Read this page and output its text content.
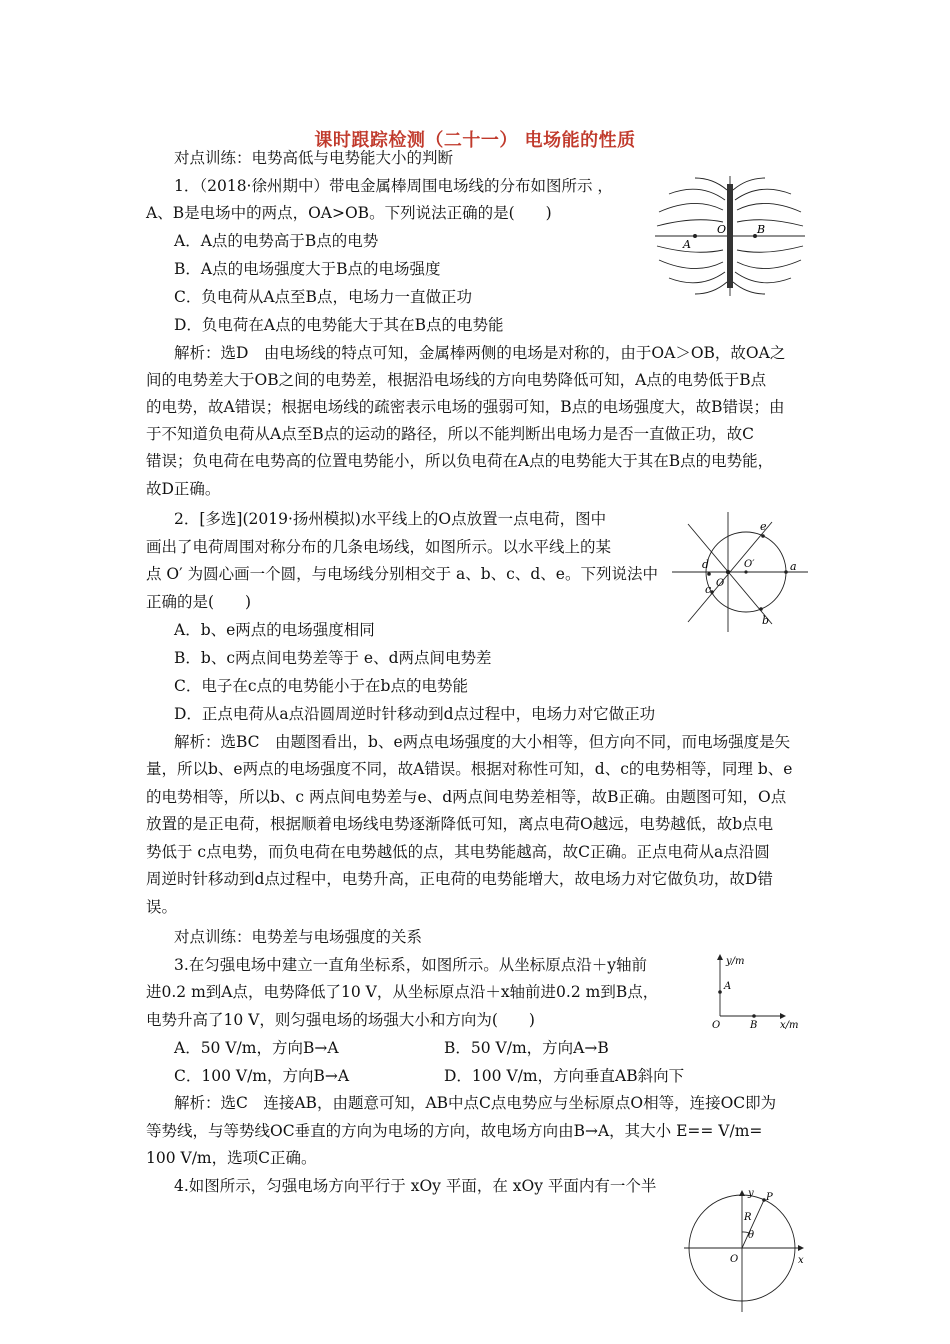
课时跟踪检测（二十一） 电场能的性质
对点训练：电势高低与电势能大小的判断
1．（2018·徐州期中）带电金属棒周围电场线的分布如图所示 ，
A、B是电场中的两点，OA>OB。下列说法正确的是(　　)
A．A点的电势高于B点的电势
B．A点的电场强度大于B点的电场强度
C．负电荷从A点至B点，电场力一直做正功
D．负电荷在A点的电势能大于其在B点的电势能
解析：选D　由电场线的特点可知，金属棒两侧的电场是对称的，由于OA＞OB，故OA之
间的电势差大于OB之间的电势差，根据沿电场线的方向电势降低可知，A点的电势低于B点
的电势，故A错误；根据电场线的疏密表示电场的强弱可知，B点的电场强度大，故B错误；由
于不知道负电荷从A点至B点的运动的路径，所以不能判断出电场力是否一直做正功，故C
错误；负电荷在电势高的位置电势能小，所以负电荷在A点的电势能大于其在B点的电势能，
故D正确。
A
B
O
2．[多选](2019·扬州模拟)水平线上的O点放置一点电荷，图中
画出了电荷周围对称分布的几条电场线，如图所示。以水平线上的某
点 O′ 为圆心画一个圆，与电场线分别相交于 a、b、c、d、e。下列说法中
正确的是(　　)
A．b、e两点的电场强度相同
B．b、c两点间电势差等于 e、d两点间电势差
C．电子在c点的电势能小于在b点的电势能
D．正点电荷从a点沿圆周逆时针移动到d点过程中，电场力对它做正功
解析：选BC　由题图看出，b、e两点电场强度的大小相等，但方向不同，而电场强度是矢
量，所以b、e两点的电场强度不同，故A错误。根据对称性可知，d、c的电势相等，同理 b、e
的电势相等，所以b、c 两点间电势差与e、d两点间电势差相等，故B正确。由题图可知，O点
放置的是正电荷，根据顺着电场线电势逐渐降低可知，离点电荷O越远，电势越低，故b点电
势低于 c点电势，而负电荷在电势越低的点，其电势能越高，故C正确。正点电荷从a点沿圆
周逆时针移动到d点过程中，电势升高，正电荷的电势能增大，故电场力对它做负功，故D错
误。
a
b
c
d
e
O
O′
对点训练：电势差与电场强度的关系
3.在匀强电场中建立一直角坐标系，如图所示。从坐标原点沿＋y轴前
进0.2 m到A点，电势降低了10 V，从坐标原点沿＋x轴前进0.2 m到B点，
电势升高了10 V，则匀强电场的场强大小和方向为(　　)
A．50 V/m，方向B→A	B．50 V/m，方向A→B
C．100 V/m，方向B→A	D．100 V/m，方向垂直AB斜向下
解析：选C　连接AB，由题意可知，AB中点C点电势应与坐标原点O相等，连接OC即为
等势线，与等势线OC垂直的方向为电场的方向，故电场方向由B→A，其大小 E== V/m=
100 V/m，选项C正确。
y/m
x/m
A
B
O
4.如图所示，匀强电场方向平行于 xOy 平面，在 xOy 平面内有一个半	y
x
O
P
R
θ
